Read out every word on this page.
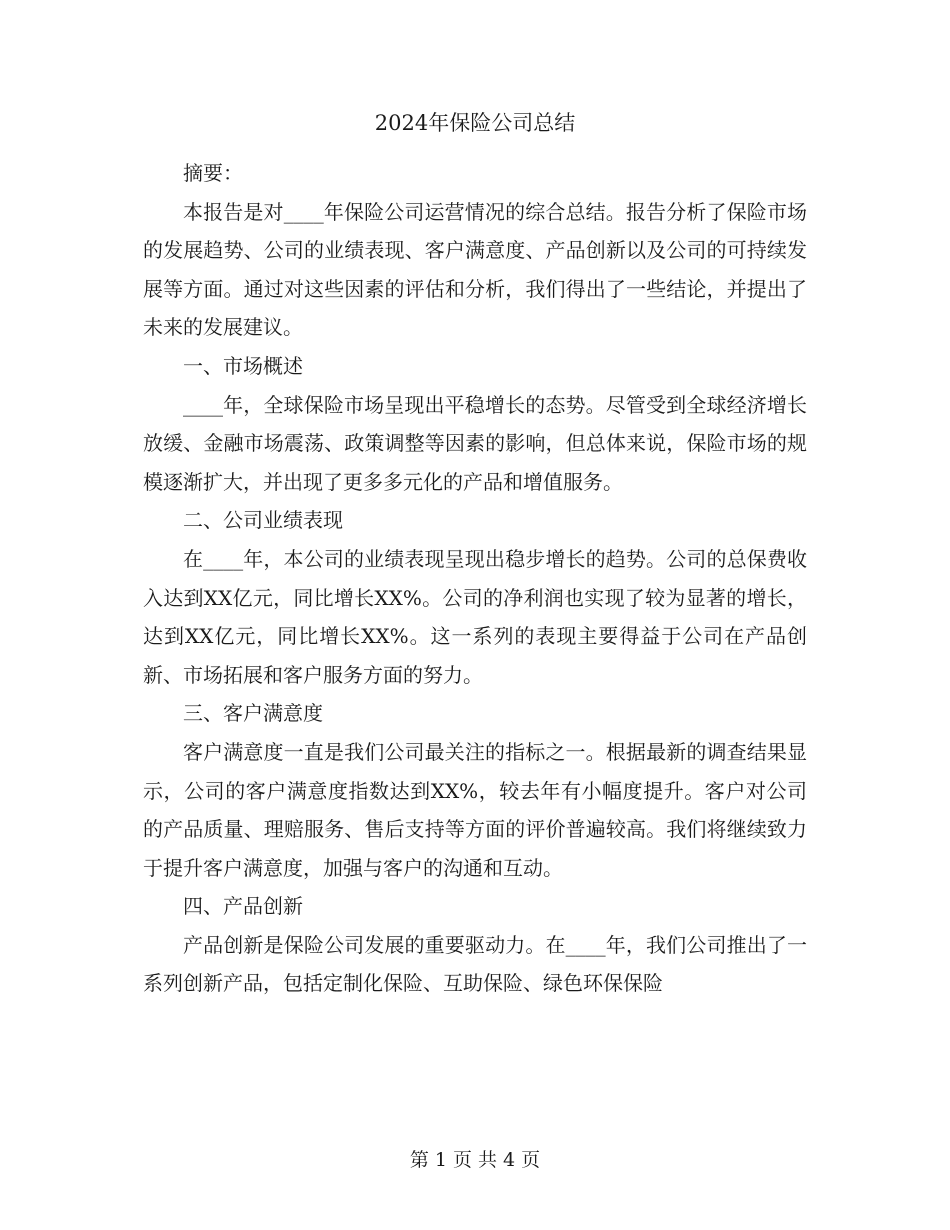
2024年保险公司总结

摘要：

本报告是对____年保险公司运营情况的综合总结。报告分析了保险市场的发展趋势、公司的业绩表现、客户满意度、产品创新以及公司的可持续发展等方面。通过对这些因素的评估和分析，我们得出了一些结论，并提出了未来的发展建议。

一、市场概述

____年，全球保险市场呈现出平稳增长的态势。尽管受到全球经济增长放缓、金融市场震荡、政策调整等因素的影响，但总体来说，保险市场的规模逐渐扩大，并出现了更多多元化的产品和增值服务。

二、公司业绩表现

在____年，本公司的业绩表现呈现出稳步增长的趋势。公司的总保费收入达到XX亿元，同比增长XX%。公司的净利润也实现了较为显著的增长，达到XX亿元，同比增长XX%。这一系列的表现主要得益于公司在产品创新、市场拓展和客户服务方面的努力。

三、客户满意度

客户满意度一直是我们公司最关注的指标之一。根据最新的调查结果显示，公司的客户满意度指数达到XX%，较去年有小幅度提升。客户对公司的产品质量、理赔服务、售后支持等方面的评价普遍较高。我们将继续致力于提升客户满意度，加强与客户的沟通和互动。

四、产品创新

产品创新是保险公司发展的重要驱动力。在____年，我们公司推出了一系列创新产品，包括定制化保险、互助保险、绿色环保保险

第 1 页 共 4 页
